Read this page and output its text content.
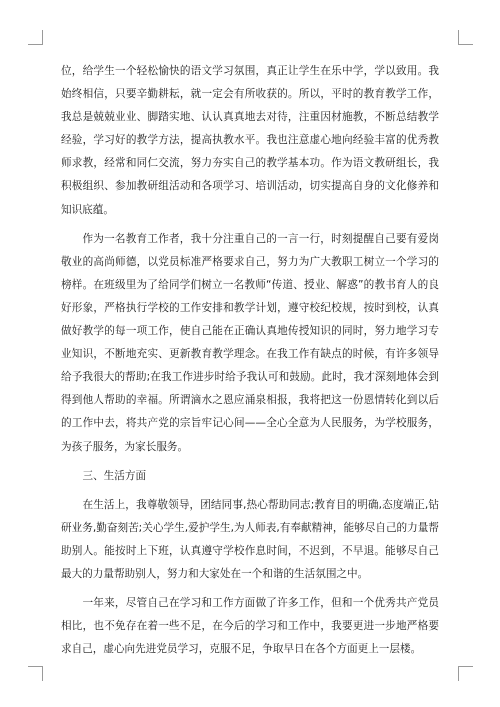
位，给学生一个轻松愉快的语文学习氛围，真正让学生在乐中学，学以致用。我始终相信，只要辛勤耕耘，就一定会有所收获的。所以，平时的教育教学工作，我总是兢兢业业、脚踏实地、认认真真地去对待，注重因材施教，不断总结教学经验，学习好的教学方法，提高执教水平。我也注意虚心地向经验丰富的优秀教师求教，经常和同仁交流，努力夯实自己的教学基本功。作为语文教研组长，我积极组织、参加教研组活动和各项学习、培训活动，切实提高自身的文化修养和知识底蕴。

作为一名教育工作者，我十分注重自己的一言一行，时刻提醒自己要有爱岗敬业的高尚师德，以党员标准严格要求自己，努力为广大教职工树立一个学习的榜样。在班级里为了给同学们树立一名教师“传道、授业、解惑”的教书育人的良好形象，严格执行学校的工作安排和教学计划，遵守校纪校规，按时到校，认真做好教学的每一项工作，使自己能在正确认真地传授知识的同时，努力地学习专业知识，不断地充实、更新教育教学理念。在我工作有缺点的时候，有许多领导给予我很大的帮助;在我工作进步时给予我认可和鼓励。此时，我才深刻地体会到得到他人帮助的幸福。所谓滴水之恩应涌泉相报，我将把这一份恩情转化到以后的工作中去，将共产党的宗旨牢记心间——全心全意为人民服务，为学校服务，为孩子服务，为家长服务。

三、生活方面

在生活上，我尊敬领导，团结同事,热心帮助同志;教育目的明确,态度端正,钻研业务,勤奋刻苦;关心学生,爱护学生,为人师表,有奉献精神，能够尽自己的力量帮助别人。能按时上下班，认真遵守学校作息时间，不迟到，不早退。能够尽自己最大的力量帮助别人，努力和大家处在一个和谐的生活氛围之中。

一年来，尽管自己在学习和工作方面做了许多工作，但和一个优秀共产党员相比，也不免存在着一些不足，在今后的学习和工作中，我要更进一步地严格要求自己，虚心向先进党员学习，克服不足，争取早日在各个方面更上一层楼。
